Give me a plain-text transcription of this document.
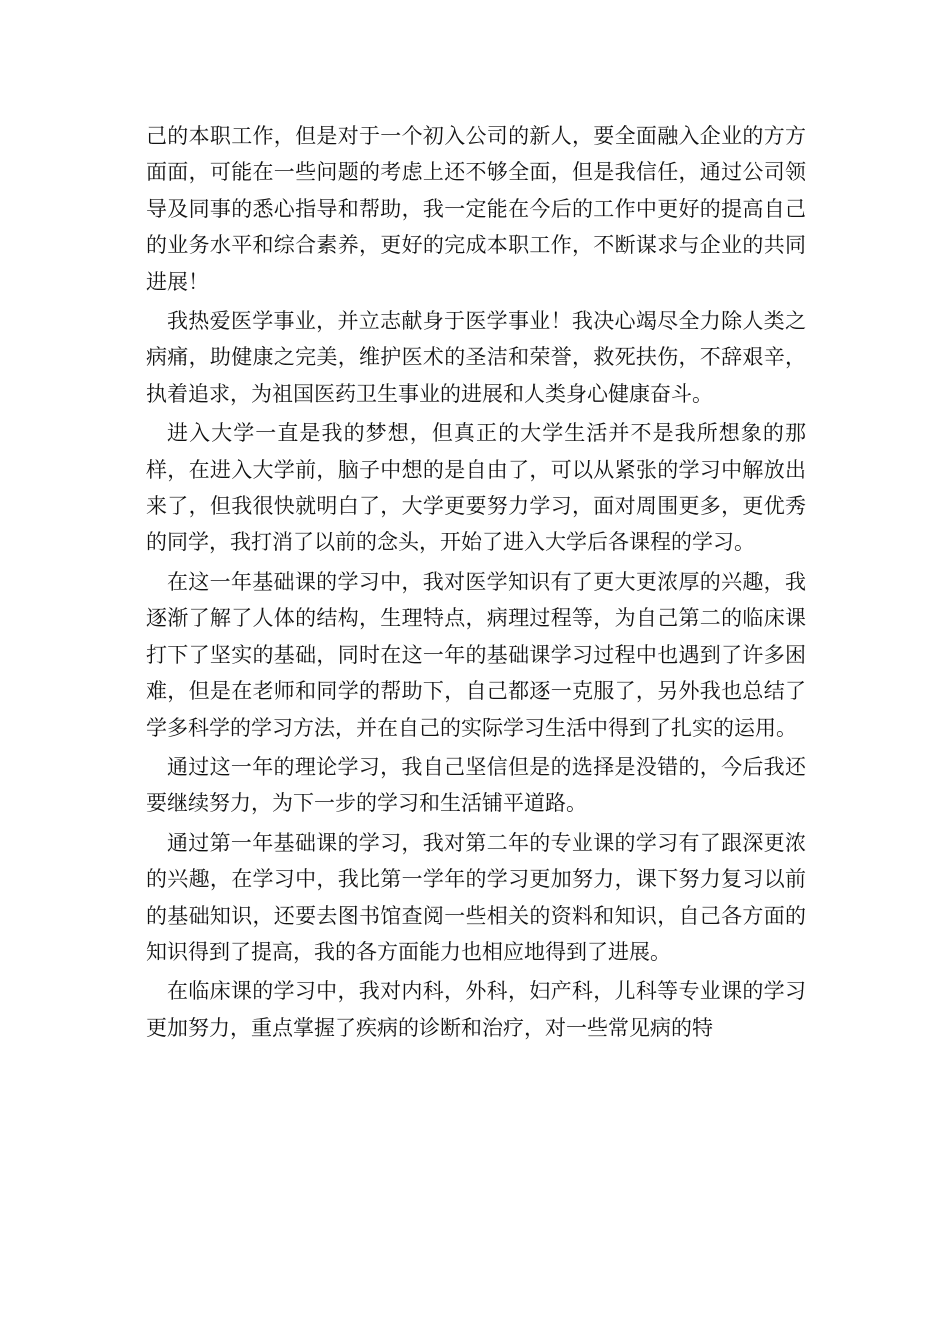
己的本职工作，但是对于一个初入公司的新人，要全面融入企业的方方面面，可能在一些问题的考虑上还不够全面，但是我信任，通过公司领导及同事的悉心指导和帮助，我一定能在今后的工作中更好的提高自己的业务水平和综合素养，更好的完成本职工作，不断谋求与企业的共同进展！

我热爱医学事业，并立志献身于医学事业！我决心竭尽全力除人类之病痛，助健康之完美，维护医术的圣洁和荣誉，救死扶伤，不辞艰辛，执着追求，为祖国医药卫生事业的进展和人类身心健康奋斗。

进入大学一直是我的梦想，但真正的大学生活并不是我所想象的那样，在进入大学前，脑子中想的是自由了，可以从紧张的学习中解放出来了，但我很快就明白了，大学更要努力学习，面对周围更多，更优秀的同学，我打消了以前的念头，开始了进入大学后各课程的学习。

在这一年基础课的学习中，我对医学知识有了更大更浓厚的兴趣，我逐渐了解了人体的结构，生理特点，病理过程等，为自己第二的临床课打下了坚实的基础，同时在这一年的基础课学习过程中也遇到了许多困难，但是在老师和同学的帮助下，自己都逐一克服了，另外我也总结了学多科学的学习方法，并在自己的实际学习生活中得到了扎实的运用。

通过这一年的理论学习，我自己坚信但是的选择是没错的，今后我还要继续努力，为下一步的学习和生活铺平道路。

通过第一年基础课的学习，我对第二年的专业课的学习有了跟深更浓的兴趣，在学习中，我比第一学年的学习更加努力，课下努力复习以前的基础知识，还要去图书馆查阅一些相关的资料和知识，自己各方面的知识得到了提高，我的各方面能力也相应地得到了进展。

在临床课的学习中，我对内科，外科，妇产科，儿科等专业课的学习更加努力，重点掌握了疾病的诊断和治疗，对一些常见病的特
